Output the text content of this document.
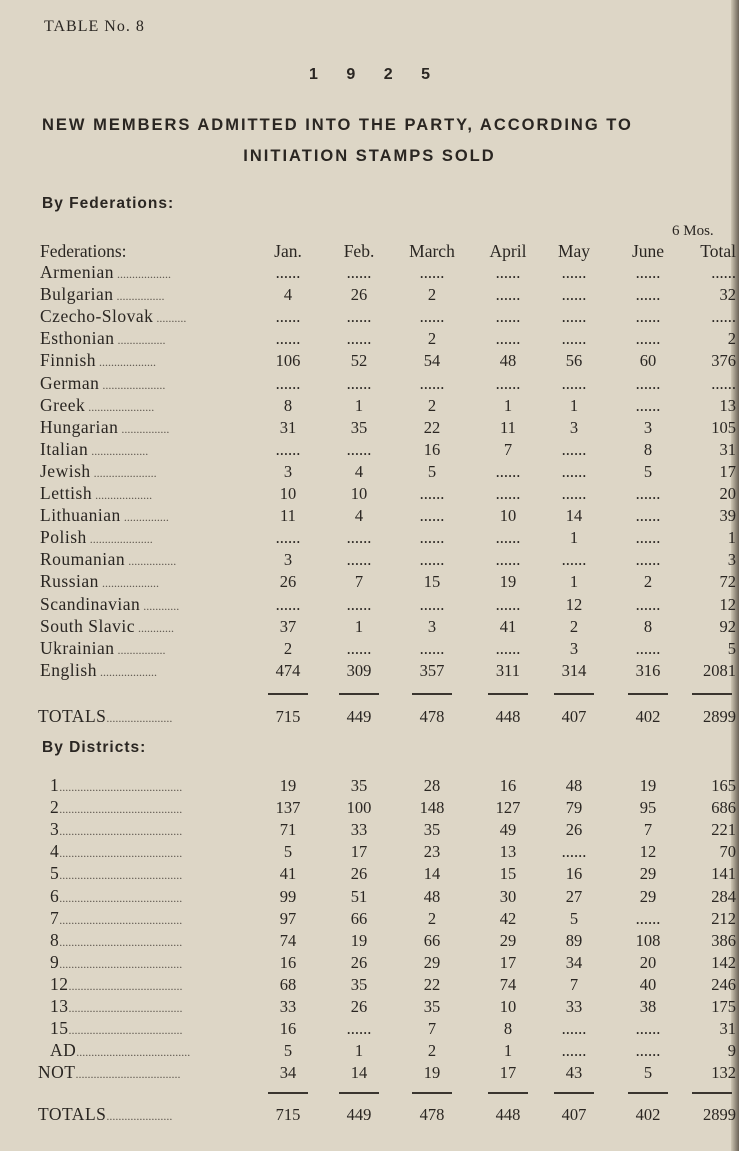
TABLE No. 8
1 9 2 5
NEW MEMBERS ADMITTED INTO THE PARTY, ACCORDING TO
INITIATION STAMPS SOLD
By Federations:
Federations:
6 Mos.
By Districts:
Jan.	Feb.	March	April	May	June	Total
Armenian ..................	......	......	......	......	......	......	......
Bulgarian ................	4	26	2	......	......	......	32
Czecho-Slovak ..........	......	......	......	......	......	......	......
Esthonian ................	......	......	2	......	......	......	2
Finnish ...................	106	52	54	48	56	60	376
German .....................	......	......	......	......	......	......	......
Greek ......................	8	1	2	1	1	......	13
Hungarian ................	31	35	22	11	3	3	105
Italian ...................	......	......	16	7	......	8	31
Jewish .....................	3	4	5	......	......	5	17
Lettish ...................	10	10	......	......	......	......	20
Lithuanian ...............	11	4	......	10	14	......	39
Polish .....................	......	......	......	......	1	......	1
Roumanian ................	3	......	......	......	......	......	3
Russian ...................	26	7	15	19	1	2	72
Scandinavian ............	......	......	......	......	12	......	12
South Slavic ............	37	1	3	41	2	8	92
Ukrainian ................	2	......	......	......	3	......	5
English ...................	474	309	357	311	314	316	2081
TOTALS......................	715	449	478	448	407	402	2899
1.........................................	19	35	28	16	48	19	165
2.........................................	137	100	148	127	79	95	686
3.........................................	71	33	35	49	26	7	221
4.........................................	5	17	23	13	......	12	70
5.........................................	41	26	14	15	16	29	141
6.........................................	99	51	48	30	27	29	284
7.........................................	97	66	2	42	5	......	212
8.........................................	74	19	66	29	89	108	386
9.........................................	16	26	29	17	34	20	142
12......................................	68	35	22	74	7	40	246
13......................................	33	26	35	10	33	38	175
15......................................	16	......	7	8	......	......	31
AD......................................	5	1	2	1	......	......	9
NOT...................................	34	14	19	17	43	5	132
TOTALS......................	715	449	478	448	407	402	2899
